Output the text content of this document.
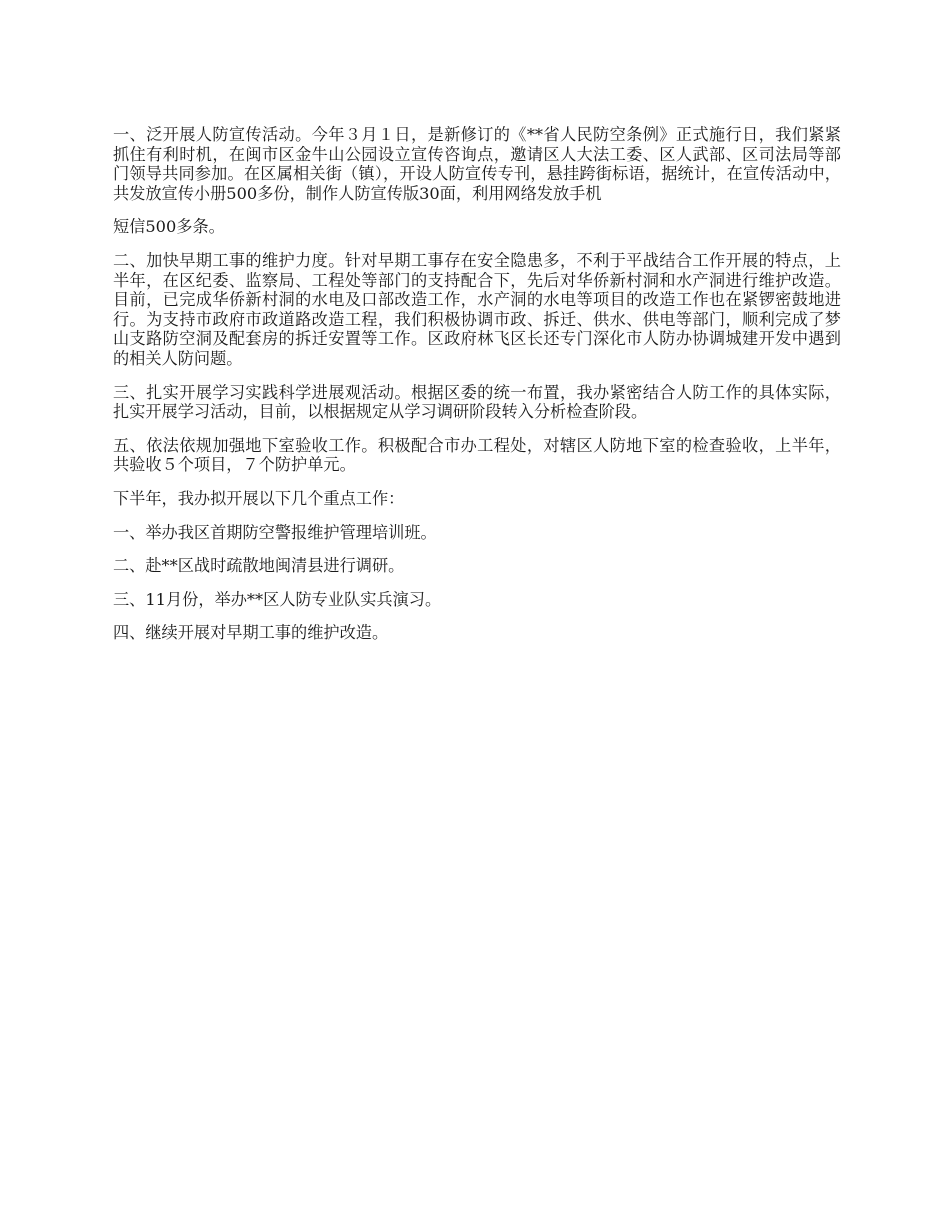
一、泛开展人防宣传活动。今年３月１日，是新修订的《**省人民防空条例》正式施行日，我们紧紧抓住有利时机，在闽市区金牛山公园设立宣传咨询点，邀请区人大法工委、区人武部、区司法局等部门领导共同参加。在区属相关街（镇），开设人防宣传专刊，悬挂跨街标语，据统计，在宣传活动中，共发放宣传小册500多份，制作人防宣传版30面，利用网络发放手机

短信500多条。

二、加快早期工事的维护力度。针对早期工事存在安全隐患多，不利于平战结合工作开展的特点，上半年，在区纪委、监察局、工程处等部门的支持配合下，先后对华侨新村洞和水产洞进行维护改造。目前，已完成华侨新村洞的水电及口部改造工作，水产洞的水电等项目的改造工作也在紧锣密鼓地进行。为支持市政府市政道路改造工程，我们积极协调市政、拆迁、供水、供电等部门，顺利完成了梦山支路防空洞及配套房的拆迁安置等工作。区政府林飞区长还专门深化市人防办协调城建开发中遇到的相关人防问题。

三、扎实开展学习实践科学进展观活动。根据区委的统一布置，我办紧密结合人防工作的具体实际，扎实开展学习活动，目前，以根据规定从学习调研阶段转入分析检查阶段。

五、依法依规加强地下室验收工作。积极配合市办工程处，对辖区人防地下室的检查验收，上半年，共验收５个项目，７个防护单元。

下半年，我办拟开展以下几个重点工作：

一、举办我区首期防空警报维护管理培训班。

二、赴**区战时疏散地闽清县进行调研。

三、11月份，举办**区人防专业队实兵演习。

四、继续开展对早期工事的维护改造。
